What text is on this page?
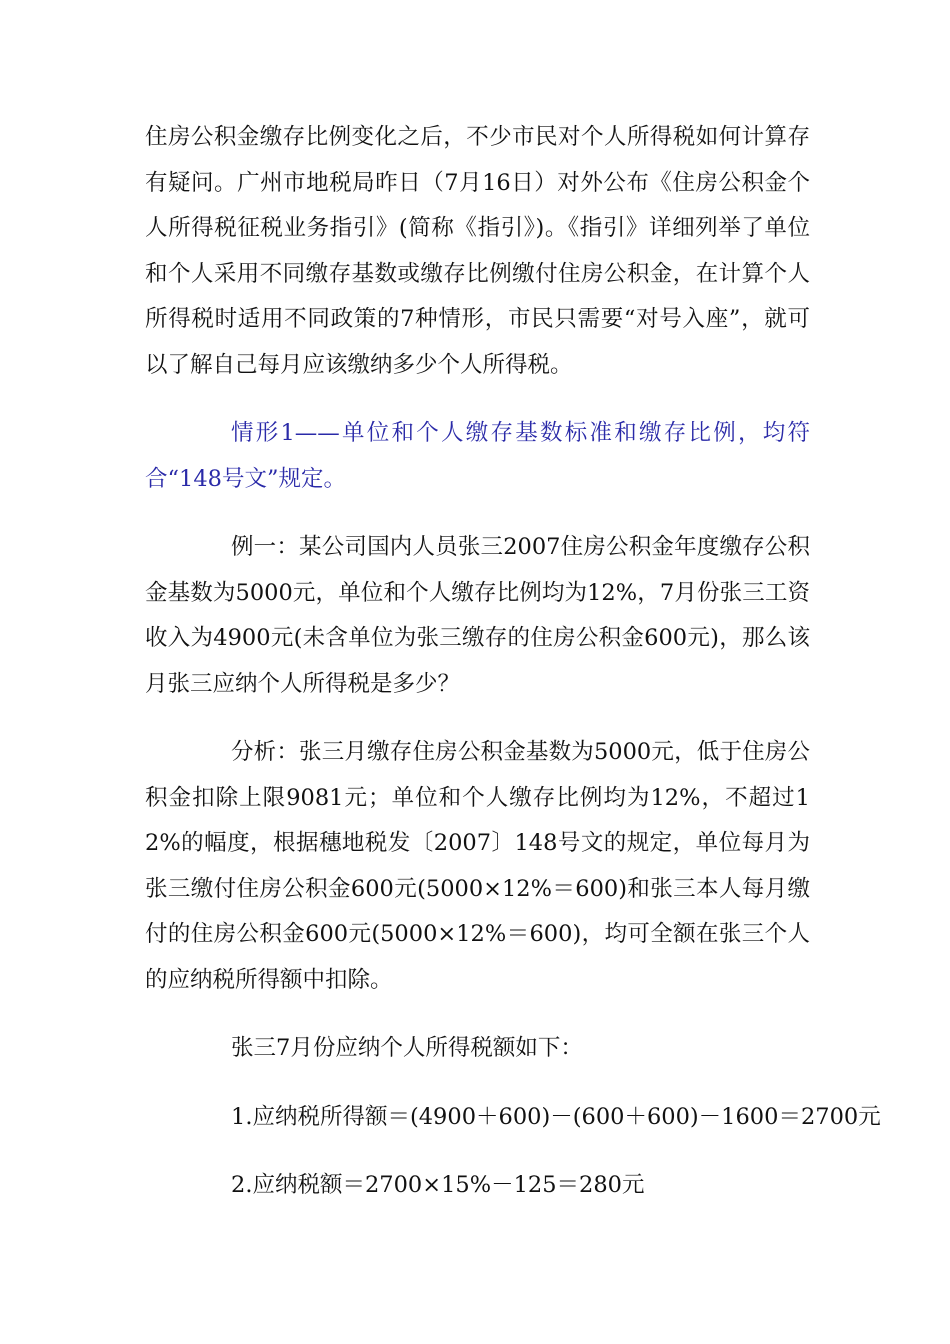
住房公积金缴存比例变化之后，不少市民对个人所得税如何计算存有疑问。广州市地税局昨日（7月16日）对外公布《住房公积金个人所得税征税业务指引》(简称《指引》)。《指引》详细列举了单位和个人采用不同缴存基数或缴存比例缴付住房公积金，在计算个人所得税时适用不同政策的7种情形，市民只需要“对号入座”，就可以了解自己每月应该缴纳多少个人所得税。

情形1——单位和个人缴存基数标准和缴存比例，均符合“148号文”规定。

例一：某公司国内人员张三2007住房公积金年度缴存公积金基数为5000元，单位和个人缴存比例均为12%，7月份张三工资收入为4900元(未含单位为张三缴存的住房公积金600元)，那么该月张三应纳个人所得税是多少？

分析：张三月缴存住房公积金基数为5000元，低于住房公积金扣除上限9081元；单位和个人缴存比例均为12%，不超过12%的幅度，根据穗地税发〔2007〕148号文的规定，单位每月为张三缴付住房公积金600元(5000×12%＝600)和张三本人每月缴付的住房公积金600元(5000×12%＝600)，均可全额在张三个人的应纳税所得额中扣除。

张三7月份应纳个人所得税额如下：

1.应纳税所得额＝(4900＋600)－(600＋600)－1600＝2700元

2.应纳税额＝2700×15%－125＝280元
